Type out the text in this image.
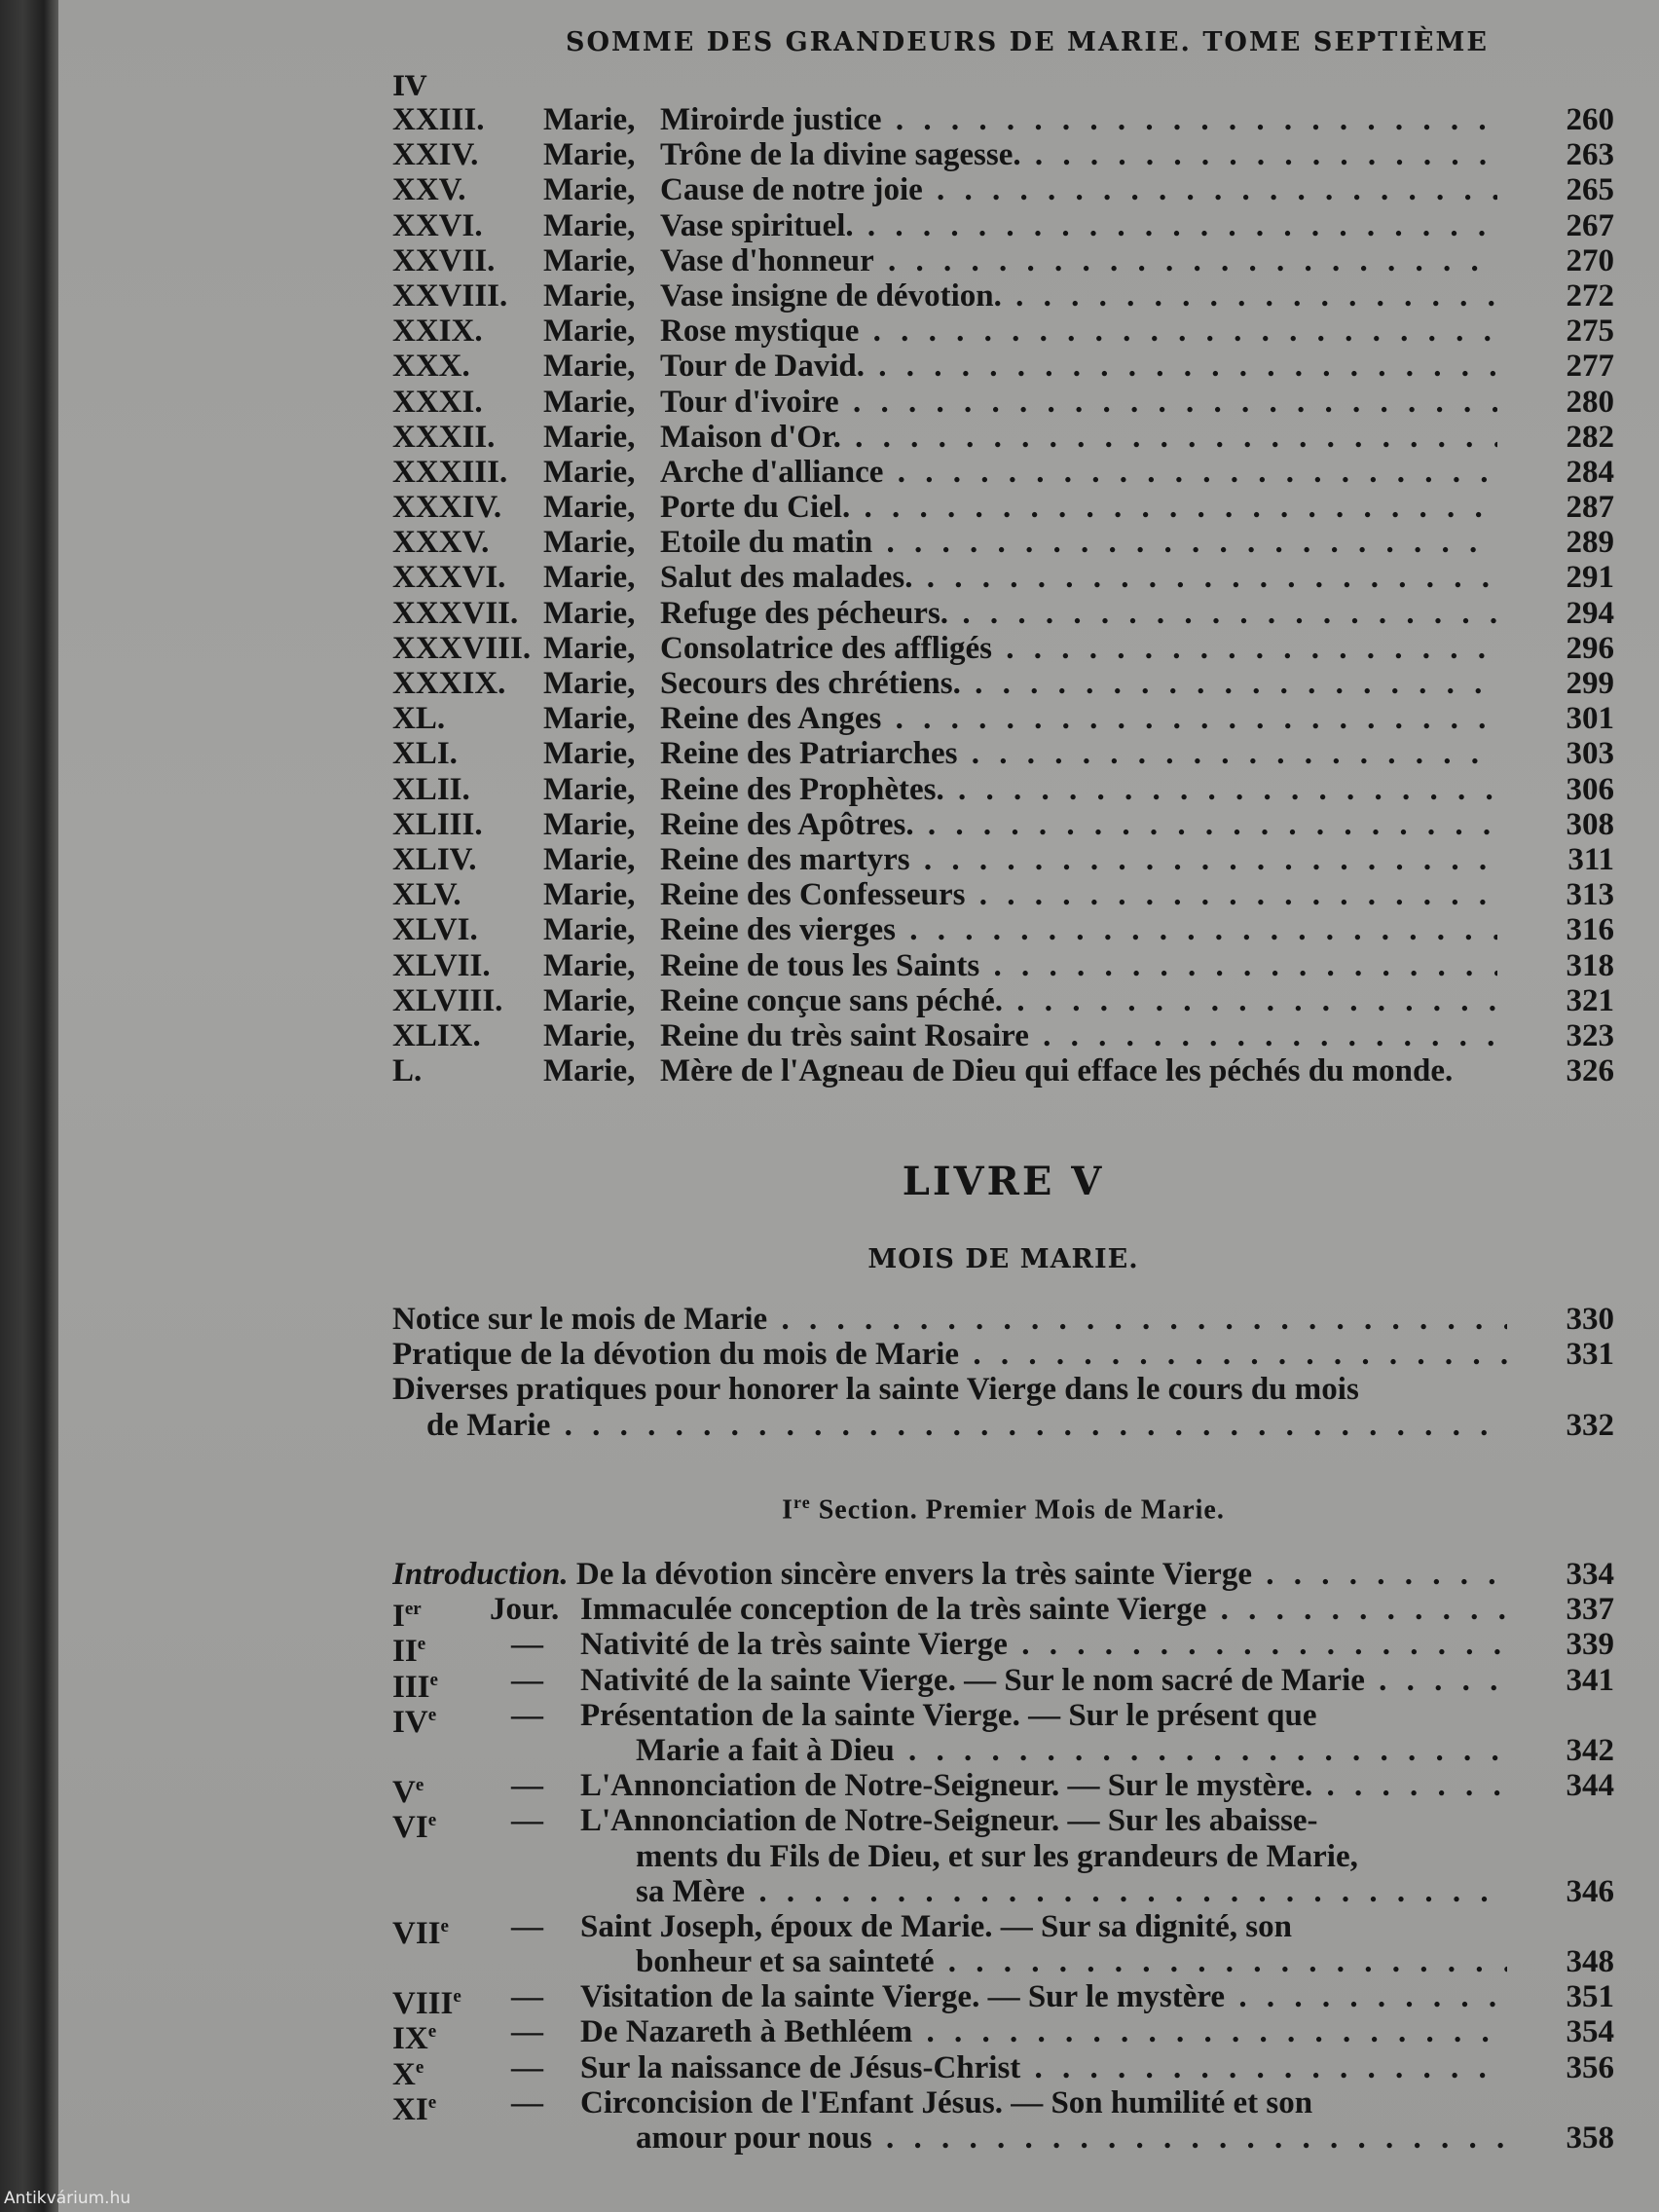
IV
SOMME DES GRANDEURS DE MARIE. TOME SEPTIÈME
XXIII. Marie, Miroirde justice . . .	260
XXIV. Marie, Trône de la divine sagesse. . . .	263
XXV. Marie, Cause de notre joie . . .	265
XXVI. Marie, Vase spirituel. . . .	267
XXVII. Marie, Vase d'honneur . . .	270
XXVIII. Marie, Vase insigne de dévotion. . . .	272
XXIX. Marie, Rose mystique . . .	275
XXX. Marie, Tour de David. . . .	277
XXXI. Marie, Tour d'ivoire . . .	280
XXXII. Marie, Maison d'Or. . . .	282
XXXIII. Marie, Arche d'alliance . . .	284
XXXIV. Marie, Porte du Ciel. . . .	287
XXXV. Marie, Etoile du matin . . .	289
XXXVI. Marie, Salut des malades. . . .	291
XXXVII. Marie, Refuge des pécheurs. . . .	294
XXXVIII. Marie, Consolatrice des affligés . . .	296
XXXIX. Marie, Secours des chrétiens. . . .	299
XL.	Marie, Reine des Anges . . .	301
XLI.	Marie, Reine des Patriarches . . .	303
XLII. Marie, Reine des Prophètes. . . .	306
XLIII. Marie, Reine des Apôtres. . . .	308
XLIV. Marie, Reine des martyrs . . .	311
XLV.	Marie, Reine des Confesseurs . . .	313
XLVI. Marie, Reine des vierges . . .	316
XLVII. Marie, Reine de tous les Saints . . .	318
XLVIII. Marie, Reine conçue sans péché. . . .	321
XLIX. Marie, Reine du très saint Rosaire . . .	323
L.	Marie, Mère de l'Agneau de Dieu qui efface les péchés du monde.	326
LIVRE V
MOIS DE MARIE.
Notice sur le mois de Marie . . .	330
Pratique de la dévotion du mois de Marie . . .	331
Diverses pratiques pour honorer la sainte Vierge dans le cours du mois
de Marie . . .	332
Ire Section. Premier Mois de Marie.
Introduction. De la dévotion sincère envers la très sainte Vierge . . .	334
Ier Jour. Immaculée conception de la très sainte Vierge . . .	337
IIe	— Nativité de la très sainte Vierge . . .	339
IIIe — Nativité de la sainte Vierge. — Sur le nom sacré de Marie . . .	341
IVe — Présentation de la sainte Vierge. — Sur le présent que
Marie a fait à Dieu . . .	342
Ve	— L'Annonciation de Notre-Seigneur. — Sur le mystère. . . .	344
VIe — L'Annonciation de Notre-Seigneur. — Sur les abaisse-
ments du Fils de Dieu, et sur les grandeurs de Marie,
sa Mère . . .	346
VIIe — Saint Joseph, époux de Marie. — Sur sa dignité, son
bonheur et sa sainteté . . .	348
VIIIe — Visitation de la sainte Vierge. — Sur le mystère . . .	351
IXe — De Nazareth à Bethléem . . .	354
Xe	— Sur la naissance de Jésus-Christ . . .	356
XIe — Circoncision de l'Enfant Jésus. — Son humilité et son
amour pour nous . . .	358
Antikvárium.hu
